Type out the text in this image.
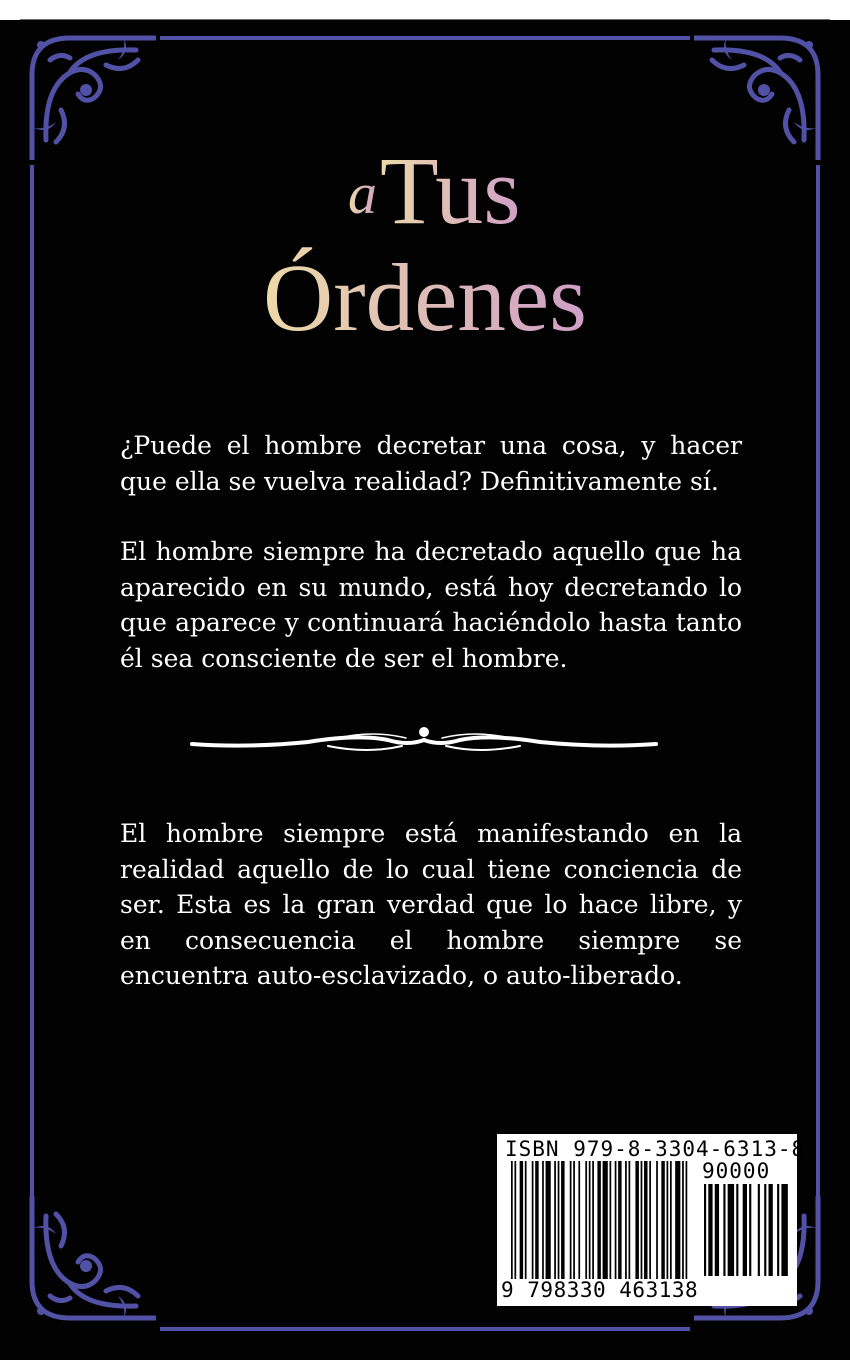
a Tus
Órdenes

¿Puede el hombre decretar una cosa, y hacer que ella se vuelva realidad? Definitivamente sí.

El hombre siempre ha decretado aquello que ha aparecido en su mundo, está hoy decretando lo que aparece y continuará haciéndolo hasta tanto él sea consciente de ser el hombre.

El hombre siempre está manifestando en la realidad aquello de lo cual tiene conciencia de ser. Esta es la gran verdad que lo hace libre, y en consecuencia el hombre siempre se encuentra auto-esclavizado, o auto-liberado.

ISBN 979-8-3304-6313-8
90000
9 798330 463138
